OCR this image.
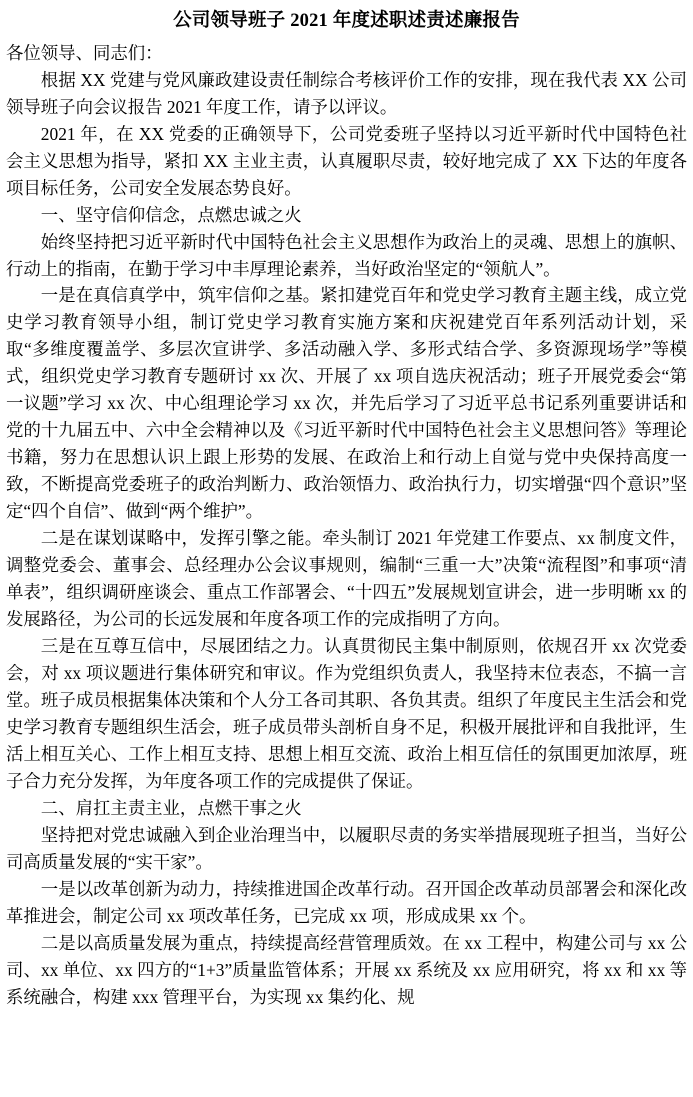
公司领导班子 2021 年度述职述责述廉报告

各位领导、同志们：

根据 XX 党建与党风廉政建设责任制综合考核评价工作的安排，现在我代表 XX 公司领导班子向会议报告 2021 年度工作，请予以评议。

2021 年，在 XX 党委的正确领导下，公司党委班子坚持以习近平新时代中国特色社会主义思想为指导，紧扣 XX 主业主责，认真履职尽责，较好地完成了 XX 下达的年度各项目标任务，公司安全发展态势良好。

一、坚守信仰信念，点燃忠诚之火

始终坚持把习近平新时代中国特色社会主义思想作为政治上的灵魂、思想上的旗帜、行动上的指南，在勤于学习中丰厚理论素养，当好政治坚定的“领航人”。

一是在真信真学中，筑牢信仰之基。紧扣建党百年和党史学习教育主题主线，成立党史学习教育领导小组，制订党史学习教育实施方案和庆祝建党百年系列活动计划，采取“多维度覆盖学、多层次宣讲学、多活动融入学、多形式结合学、多资源现场学”等模式，组织党史学习教育专题研讨 xx 次、开展了 xx 项自选庆祝活动；班子开展党委会“第一议题”学习 xx 次、中心组理论学习 xx 次，并先后学习了习近平总书记系列重要讲话和党的十九届五中、六中全会精神以及《习近平新时代中国特色社会主义思想问答》等理论书籍，努力在思想认识上跟上形势的发展、在政治上和行动上自觉与党中央保持高度一致，不断提高党委班子的政治判断力、政治领悟力、政治执行力，切实增强“四个意识”坚定“四个自信”、做到“两个维护”。

二是在谋划谋略中，发挥引擎之能。牵头制订 2021 年党建工作要点、xx 制度文件，调整党委会、董事会、总经理办公会议事规则，编制“三重一大”决策“流程图”和事项“清单表”，组织调研座谈会、重点工作部署会、“十四五”发展规划宣讲会，进一步明晰 xx 的发展路径，为公司的长远发展和年度各项工作的完成指明了方向。

三是在互尊互信中，尽展团结之力。认真贯彻民主集中制原则，依规召开 xx 次党委会，对 xx 项议题进行集体研究和审议。作为党组织负责人，我坚持末位表态，不搞一言堂。班子成员根据集体决策和个人分工各司其职、各负其责。组织了年度民主生活会和党史学习教育专题组织生活会，班子成员带头剖析自身不足，积极开展批评和自我批评，生活上相互关心、工作上相互支持、思想上相互交流、政治上相互信任的氛围更加浓厚，班子合力充分发挥，为年度各项工作的完成提供了保证。

二、肩扛主责主业，点燃干事之火

坚持把对党忠诚融入到企业治理当中，以履职尽责的务实举措展现班子担当，当好公司高质量发展的“实干家”。

一是以改革创新为动力，持续推进国企改革行动。召开国企改革动员部署会和深化改革推进会，制定公司 xx 项改革任务，已完成 xx 项，形成成果 xx 个。

二是以高质量发展为重点，持续提高经营管理质效。在 xx 工程中，构建公司与 xx 公司、xx 单位、xx 四方的“1+3”质量监管体系；开展 xx 系统及 xx 应用研究，将 xx 和 xx 等系统融合，构建 xxx 管理平台，为实现 xx 集约化、规
